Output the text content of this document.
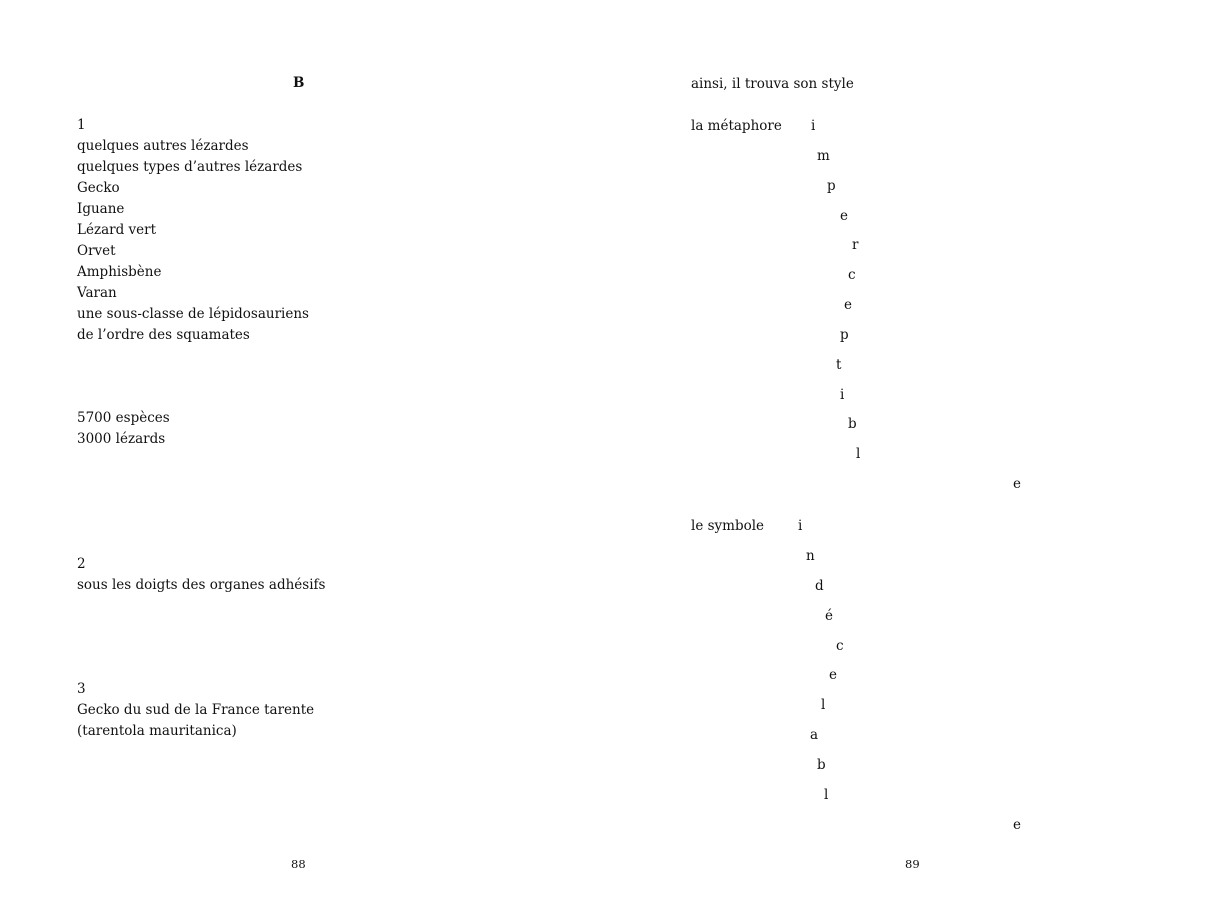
B
1
quelques autres lézardes
quelques types d’autres lézardes
Gecko
Iguane
Lézard vert
Orvet
Amphisbène
Varan
une sous-classe de lépidosauriens
de l’ordre des squamates
5700 espèces
3000 lézards
2
sous les doigts des organes adhésifs
3
Gecko du sud de la France tarente
(tarentola mauritanica)
88
ainsi, il trouva son style
la métaphore i
m
p
e
r
c
e
p
t
i
b
l
e
le symbole	i
n
d
é
c
e
l
a
b
l
e
89
